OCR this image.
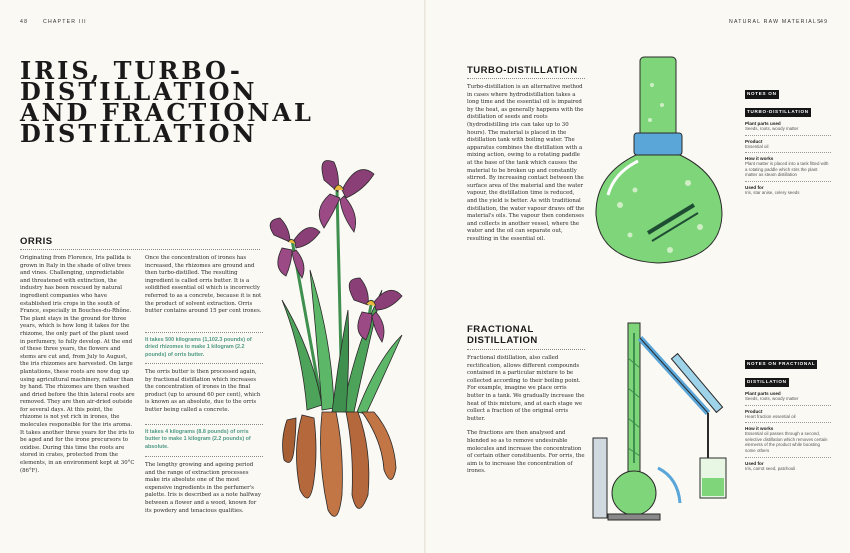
48	CHAPTER III	NATURAL RAW MATERIALS
49
IRIS, TURBO-
DISTILLATION
AND FRACTIONAL
DISTILLATION
ORRIS

Originating from Florence, Iris pallida is grown in Italy in the shade of olive trees and vines. Challenging, unpredictable and threatened with extinction, the industry has been rescued by natural ingredient companies who have established iris crops in the south of France, especially in Bouches-du-Rhône. The plant stays in the ground for three years, which is how long it takes for the rhizome, the only part of the plant used in perfumery, to fully develop. At the end of these three years, the flowers and stems are cut and, from July to August, the iris rhizomes are harvested. On large plantations, these roots are now dug up using agricultural machinery, rather than by hand. The rhizomes are then washed and dried before the thin lateral roots are removed. They are then air-dried outside for several days. At this point, the rhizome is not yet rich in irones, the molecules responsible for the iris aroma. It takes another three years for the iris to be aged and for the irone precursors to oxidise. During this time the roots are stored in crates, protected from the elements, in an environment kept at 30°C (86°F).

Once the concentration of irones has increased, the rhizomes are ground and then turbo-distilled. The resulting ingredient is called orris butter. It is a solidified essential oil which is incorrectly referred to as a concrete, because it is not the product of solvent extraction. Orris butter contains around 15 per cent irones.

It takes 500 kilograms (1,102.3 pounds) of dried rhizomes to make 1 kilogram (2.2 pounds) of orris butter.

The orris butter is then processed again, by fractional distillation which increases the concentration of irones in the final product (up to around 60 per cent), which is known as an absolute, due to the orris butter being called a concrete.

It takes 4 kilograms (8.8 pounds) of orris butter to make 1 kilogram (2.2 pounds) of absolute.

The lengthy growing and ageing period and the range of extraction processes make iris absolute one of the most expensive ingredients in the perfumer's palette. Iris is described as a note halfway between a flower and a wood, known for its powdery and tenacious qualities.

TURBO-DISTILLATION

Turbo-distillation is an alternative method in cases where hydrodistillation takes a long time and the essential oil is impaired by the heat, as generally happens with the distillation of seeds and roots (hydrodistilling iris can take up to 30 hours). The material is placed in the distillation tank with boiling water. The apparatus combines the distillation with a mixing action, owing to a rotating paddle at the base of the tank which causes the material to be broken up and constantly stirred. By increasing contact between the surface area of the material and the water vapour, the distillation time is reduced, and the yield is better. As with traditional distillation, the water vapour draws off the material's oils. The vapour then condenses and collects in another vessel, where the water and the oil can separate out, resulting in the essential oil.

NOTES ON
TURBO-DISTILLATION
Plant parts used
Seeds, roots, woody matter
Product
Essential oil
How it works
Plant matter is placed into a tank fitted with a rotating paddle which stirs the plant matter as steam distillation
Used for
Iris, star anise, celery seeds
FRACTIONAL
DISTILLATION

Fractional distillation, also called rectification, allows different compounds contained in a particular mixture to be collected according to their boiling point. For example, imagine we place orris butter in a tank. We gradually increase the heat of this mixture, and at each stage we collect a fraction of the original orris butter.

The fractions are then analysed and blended so as to remove undesirable molecules and increase the concentration of certain other constituents. For orris, the aim is to increase the concentration of irones.

NOTES ON FRACTIONAL
DISTILLATION
Plant parts used
Seeds, roots, woody matter
Product
Heart fraction essential oil
How it works
Essential oil passes through a second, selective distillation which removes certain elements of the product while boosting some others
Used for
Iris, carrot seed, patchouli
